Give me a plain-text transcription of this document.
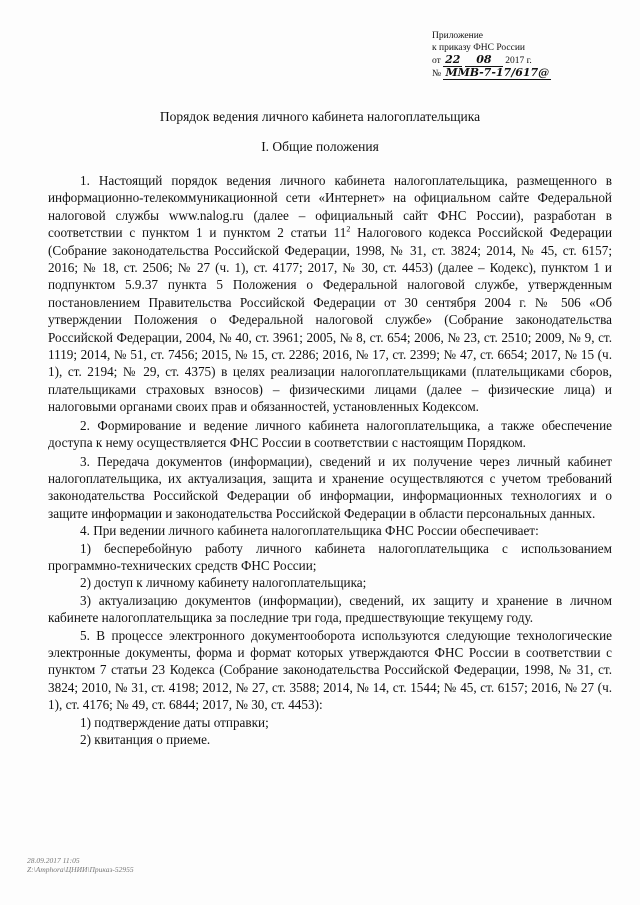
Приложение
к приказу ФНС России
от 22 08 2017 г.
№ ММВ-7-17/617@
Порядок ведения личного кабинета налогоплательщика
I. Общие положения

1. Настоящий порядок ведения личного кабинета налогоплательщика, размещенного в информационно-телекоммуникационной сети «Интернет» на официальном сайте Федеральной налоговой службы www.nalog.ru (далее – официальный сайт ФНС России), разработан в соответствии с пунктом 1 и пунктом 2 статьи $11^2$ Налогового кодекса Российской Федерации (Собрание законодательства Российской Федерации, 1998, № 31, ст. 3824; 2014, № 45, ст. 6157; 2016; № 18, ст. 2506; № 27 (ч. 1), ст. 4177; 2017, № 30, ст. 4453) (далее – Кодекс), пунктом 1 и подпунктом 5.9.37 пункта 5 Положения о Федеральной налоговой службе, утвержденным постановлением Правительства Российской Федерации от 30 сентября 2004 г. № 506 «Об утверждении Положения о Федеральной налоговой службе» (Собрание законодательства Российской Федерации, 2004, № 40, ст. 3961; 2005, № 8, ст. 654; 2006, № 23, ст. 2510; 2009, № 9, ст. 1119; 2014, № 51, ст. 7456; 2015, № 15, ст. 2286; 2016, № 17, ст. 2399; № 47, ст. 6654; 2017, № 15 (ч. 1), ст. 2194; № 29, ст. 4375) в целях реализации налогоплательщиками (плательщиками сборов, плательщиками страховых взносов) – физическими лицами (далее – физические лица) и налоговыми органами своих прав и обязанностей, установленных Кодексом.

2. Формирование и ведение личного кабинета налогоплательщика, а также обеспечение доступа к нему осуществляется ФНС России в соответствии с настоящим Порядком.

3. Передача документов (информации), сведений и их получение через личный кабинет налогоплательщика, их актуализация, защита и хранение осуществляются с учетом требований законодательства Российской Федерации об информации, информационных технологиях и о защите информации и законодательства Российской Федерации в области персональных данных.

4. При ведении личного кабинета налогоплательщика ФНС России обеспечивает:

1) бесперебойную работу личного кабинета налогоплательщика с использованием программно-технических средств ФНС России;

2) доступ к личному кабинету налогоплательщика;

3) актуализацию документов (информации), сведений, их защиту и хранение в личном кабинете налогоплательщика за последние три года, предшествующие текущему году.

5. В процессе электронного документооборота используются следующие технологические электронные документы, форма и формат которых утверждаются ФНС России в соответствии с пунктом 7 статьи 23 Кодекса (Собрание законодательства Российской Федерации, 1998, № 31, ст. 3824; 2010, № 31, ст. 4198; 2012, № 27, ст. 3588; 2014, № 14, ст. 1544; № 45, ст. 6157; 2016, № 27 (ч. 1), ст. 4176; № 49, ст. 6844; 2017, № 30, ст. 4453):

1) подтверждение даты отправки;

2) квитанция о приеме.

28.09.2017 11:05
Z:\Amphora\ЦНИИ\Приказ-52955
